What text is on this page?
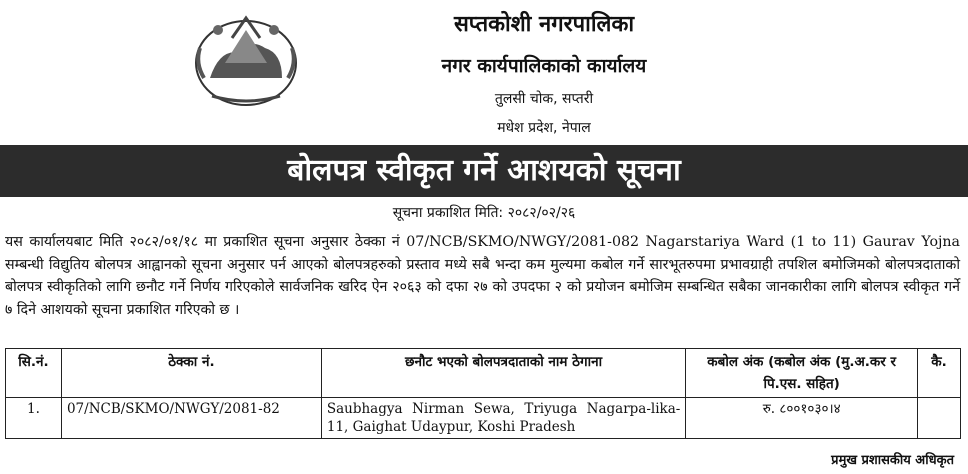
सप्तकोशी नगरपालिका
नगर कार्यपालिकाको कार्यालय
तुलसी चोक, सप्तरी
मधेश प्रदेश, नेपाल
बोलपत्र स्वीकृत गर्ने आशयको सूचना
सूचना प्रकाशित मिति: २०८२/०२/२६
यस कार्यालयबाट मिति २०८२/०१/१८ मा प्रकाशित सूचना अनुसार ठेक्का नं 07/NCB/SKMO/NWGY/2081-082 Nagarstariya Ward (1 to 11) Gaurav Yojna सम्बन्धी विद्युतिय बोलपत्र आह्वानको सूचना अनुसार पर्न आएको बोलपत्रहरुको प्रस्ताव मध्ये सबै भन्दा कम मुल्यमा कबोल गर्ने सारभूतरुपमा प्रभावग्राही तपशिल बमोजिमको बोलपत्रदाताको बोलपत्र स्वीकृतिको लागि छनौट गर्ने निर्णय गरिएकोले सार्वजनिक खरिद ऐन २०६३ को दफा २७ को उपदफा २ को प्रयोजन बमोजिम सम्बन्धित सबैका जानकारीका लागि बोलपत्र स्वीकृत गर्ने ७ दिने आशयको सूचना प्रकाशित गरिएको छ ।
सि.नं.	ठेक्का नं.	छनौट भएको बोलपत्रदाताको नाम ठेगाना	कबोल अंक (कबोल अंक (मु.अ.कर र पि.एस. सहित)	कै.
1.	07/NCB/SKMO/NWGY/2081-82	Saubhagya Nirman Sewa, Triyuga Nagarpa-lika-11, Gaighat Udaypur, Koshi Pradesh	रु. ८००१०३०।४	
प्रमुख प्रशासकीय अधिकृत
